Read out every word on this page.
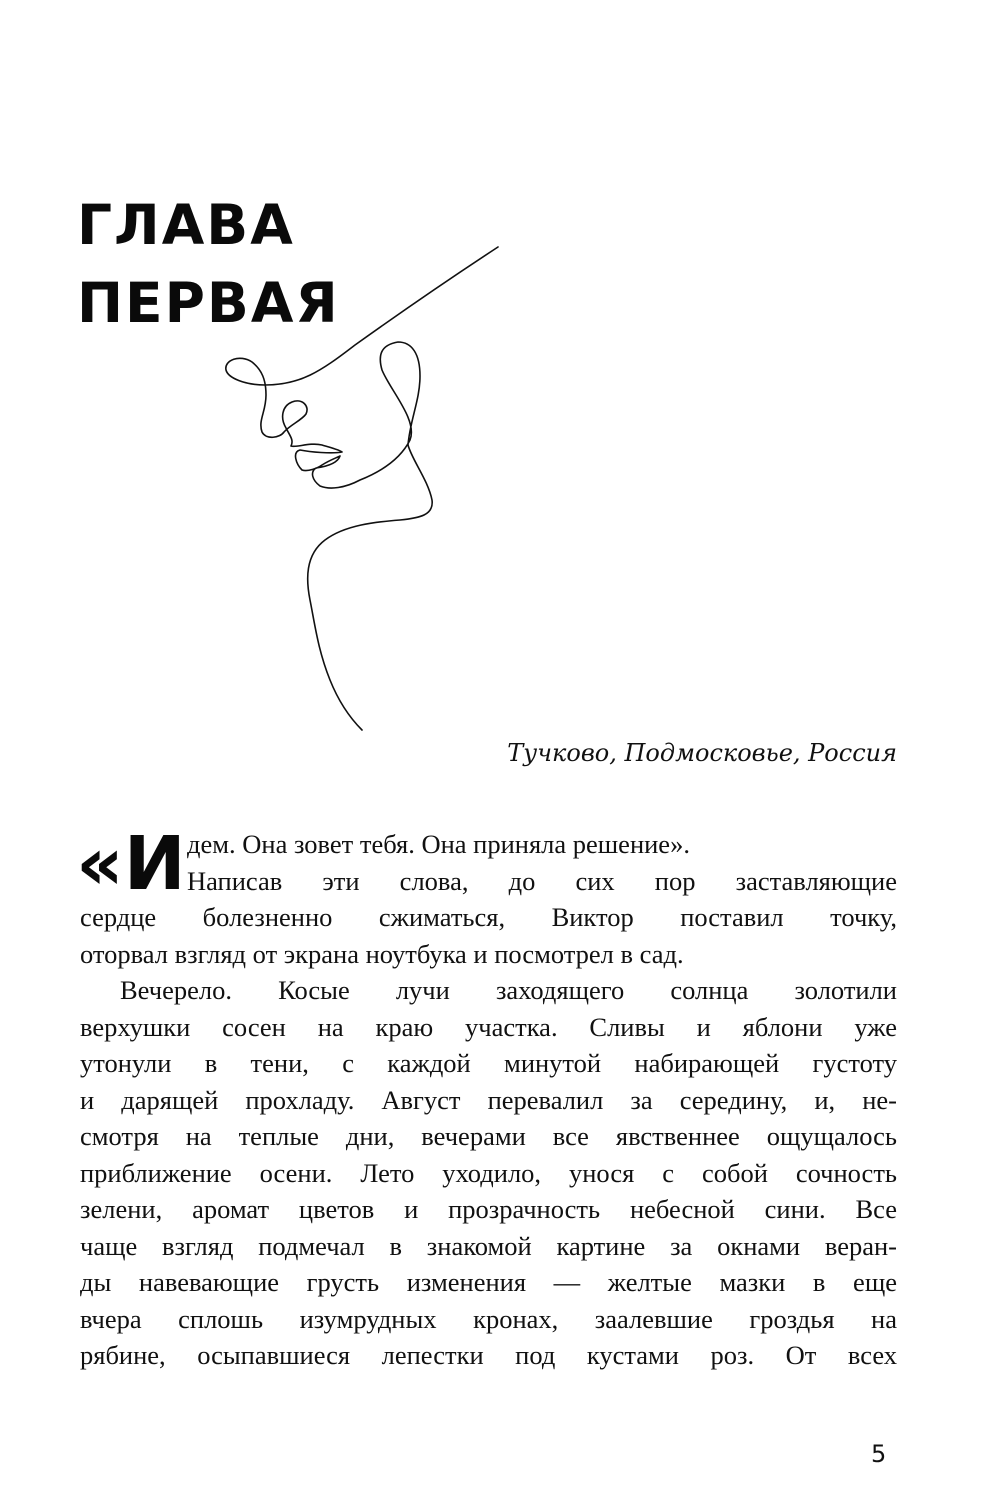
ГЛАВА
ПЕРВАЯ
Тучково, Подмосковье, Россия
«И дем. Она зовет тебя. Она приняла решение».
Написав эти слова, до сих пор заставляющие
сердце болезненно сжиматься, Виктор поставил точку,
оторвал взгляд от экрана ноутбука и посмотрел в сад.
Вечерело. Косые лучи заходящего солнца золотили
верхушки сосен на краю участка. Сливы и яблони уже
утонули в тени, с каждой минутой набирающей густоту
и дарящей прохладу. Август перевалил за середину, и, не-
смотря на теплые дни, вечерами все явственнее ощущалось
приближение осени. Лето уходило, унося с собой сочность
зелени, аромат цветов и прозрачность небесной сини. Все
чаще взгляд подмечал в знакомой картине за окнами веран-
ды навевающие грусть изменения — желтые мазки в еще
вчера сплошь изумрудных кронах, заалевшие гроздья на
рябине, осыпавшиеся лепестки под кустами роз. От всех
5
